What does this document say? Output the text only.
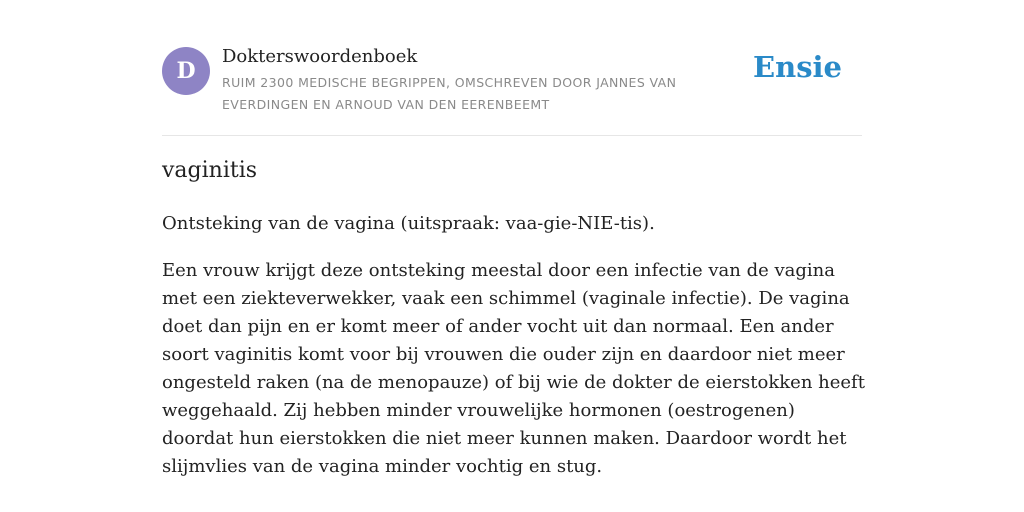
D
Dokterswoordenboek
RUIM 2300 MEDISCHE BEGRIPPEN, OMSCHREVEN DOOR JANNES VAN EVERDINGEN EN ARNOUD VAN DEN EERENBEEMT
Ensie
vaginitis

Ontsteking van de vagina (uitspraak: vaa-gie-NIE-tis).

Een vrouw krijgt deze ontsteking meestal door een infectie van de vagina met een ziekteverwekker, vaak een schimmel (vaginale infectie). De vagina doet dan pijn en er komt meer of ander vocht uit dan normaal. Een ander soort vaginitis komt voor bij vrouwen die ouder zijn en daardoor niet meer ongesteld raken (na de menopauze) of bij wie de dokter de eierstokken heeft weggehaald. Zij hebben minder vrouwelijke hormonen (oestrogenen) doordat hun eierstokken die niet meer kunnen maken. Daardoor wordt het slijmvlies van de vagina minder vochtig en stug.
